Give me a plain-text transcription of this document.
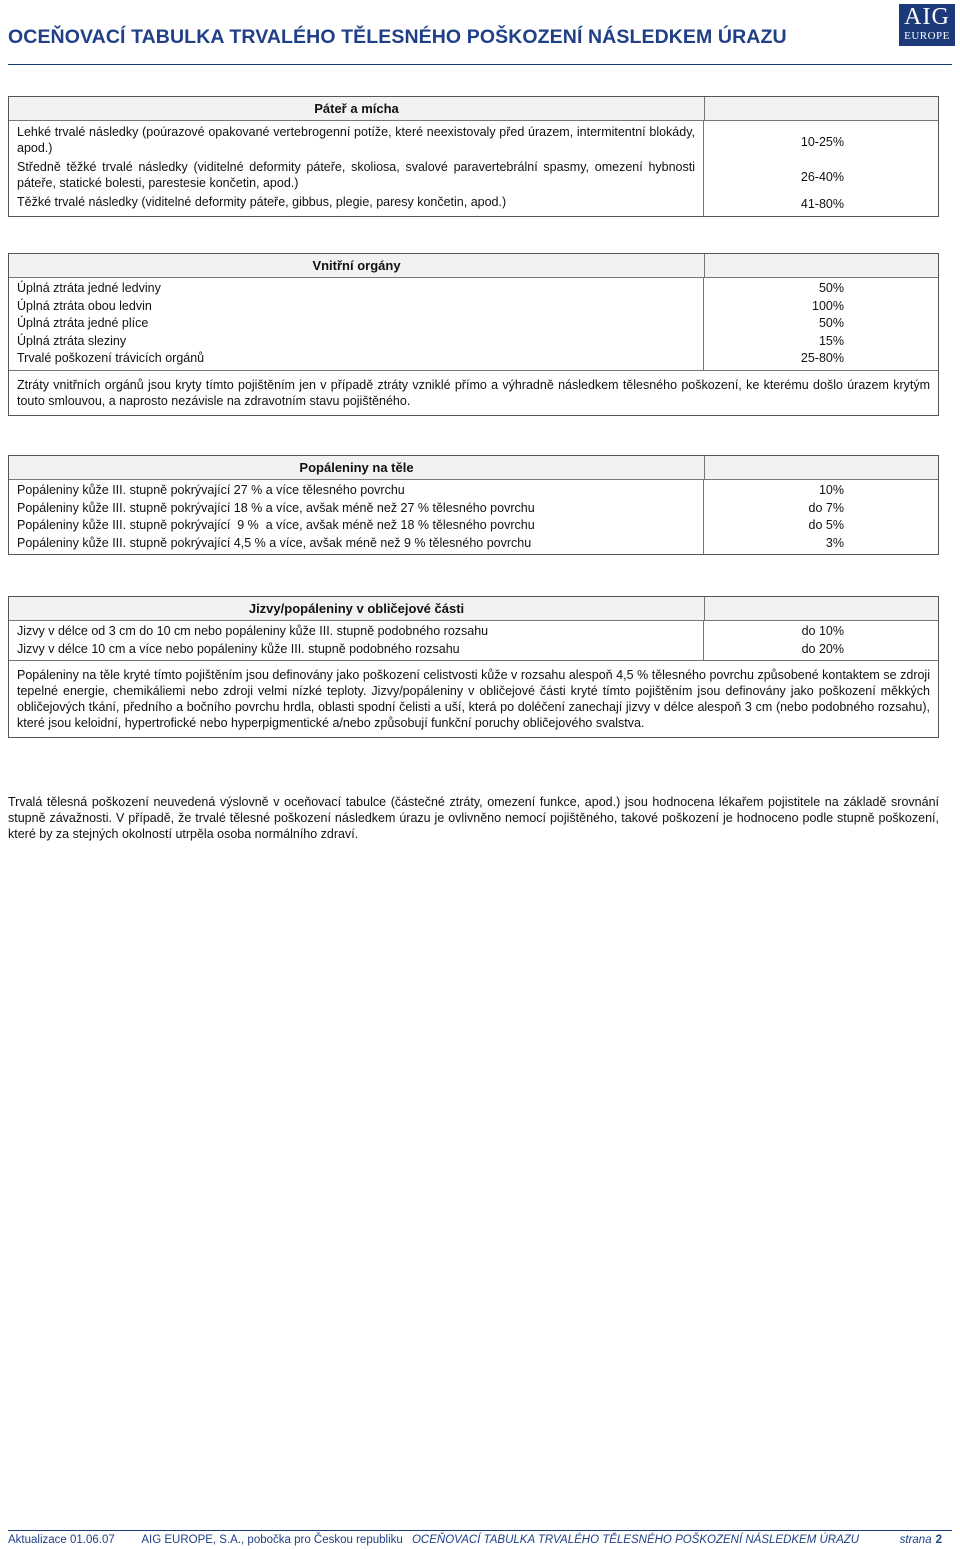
OCEŇOVACÍ TABULKA TRVALÉHO TĚLESNÉHO POŠKOZENÍ NÁSLEDKEM ÚRAZU
AIG
EUROPE
Páteř a mícha
Lehké trvalé následky (poúrazové opakované vertebrogenní potíže, které neexistovaly před úrazem, intermitentní blokády, apod.)
Středně těžké trvalé následky (viditelné deformity páteře, skoliosa, svalové paravertebrální spasmy, omezení hybnosti páteře, statické bolesti, parestesie končetin, apod.)
Těžké trvalé následky (viditelné deformity páteře, gibbus, plegie, paresy končetin, apod.)
10-25%
26-40%
41-80%
Vnitřní orgány
Úplná ztráta jedné ledviny
Úplná ztráta obou ledvin
Úplná ztráta jedné plíce
Úplná ztráta sleziny
Trvalé poškození trávicích orgánů
50%
100%
50%
15%
25-80%
Ztráty vnitřních orgánů jsou kryty tímto pojištěním jen v případě ztráty vzniklé přímo a výhradně následkem tělesného poškození, ke kterému došlo úrazem krytým touto smlouvou, a naprosto nezávisle na zdravotním stavu pojištěného.
Popáleniny na těle
Popáleniny kůže III. stupně pokrývající 27 % a více tělesného povrchu
Popáleniny kůže III. stupně pokrývající 18 % a více, avšak méně než 27 % tělesného povrchu
Popáleniny kůže III. stupně pokrývající  9 %  a více, avšak méně než 18 % tělesného povrchu
Popáleniny kůže III. stupně pokrývající 4,5 % a více, avšak méně než 9 % tělesného povrchu
10%
do 7%
do 5%
3%
Jizvy/popáleniny v obličejové části
Jizvy v délce od 3 cm do 10 cm nebo popáleniny kůže III. stupně podobného rozsahu
Jizvy v délce 10 cm a více nebo popáleniny kůže III. stupně podobného rozsahu
do 10%
do 20%
Popáleniny na těle kryté tímto pojištěním jsou definovány jako poškození celistvosti kůže v rozsahu alespoň 4,5 % tělesného povrchu způsobené kontaktem se zdroji tepelné energie, chemikáliemi nebo zdroji velmi nízké teploty. Jizvy/popáleniny v obličejové části kryté tímto pojištěním jsou definovány jako poškození měkkých obličejových tkání, předního a bočního povrchu hrdla, oblasti spodní čelisti a uší, která po doléčení zanechají jizvy v délce alespoň 3 cm (nebo podobného rozsahu), které jsou keloidní, hypertrofické nebo hyperpigmentické a/nebo způsobují funkční poruchy obličejového svalstva.
Trvalá tělesná poškození neuvedená výslovně v oceňovací tabulce (částečné ztráty, omezení funkce, apod.) jsou hodnocena lékařem pojistitele na základě srovnání stupně závažnosti. V případě, že trvalé tělesné poškození následkem úrazu je ovlivněno nemocí pojištěného, takové poškození je hodnoceno podle stupně poškození, které by za stejných okolností utrpěla osoba normálního zdraví.
Aktualizace 01.06.07 AIG EUROPE, S.A., pobočka pro Českou republiku OCEŇOVACÍ TABULKA TRVALÉHO TĚLESNÉHO POŠKOZENÍ NÁSLEDKEM ÚRAZU	strana 2
